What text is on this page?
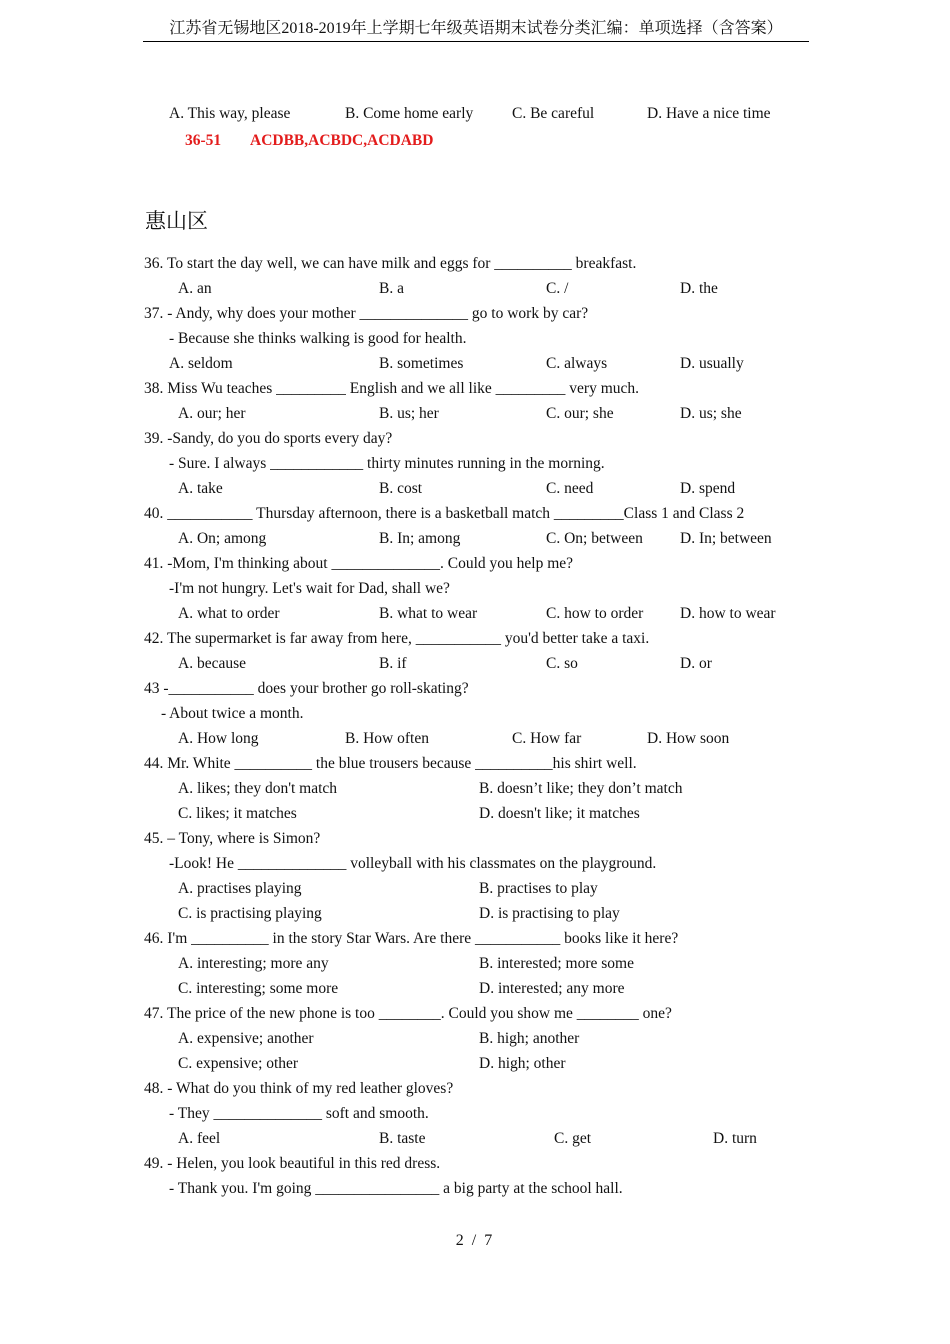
江苏省无锡地区2018-2019年上学期七年级英语期末试卷分类汇编：单项选择（含答案）
A. This way, please	B. Come home early C. Be careful	D. Have a nice time
36-51 ACDBB,ACBDC,ACDABD
惠山区
36. To start the day well, we can have milk and eggs for __________ breakfast.
A. an	B. a	C. /	D. the
37. - Andy, why does your mother ______________ go to work by car?
- Because she thinks walking is good for health.
A. seldom	B. sometimes	C. always	D. usually
38. Miss Wu teaches _________ English and we all like _________ very much.
A. our; her	B. us; her	C. our; she	D. us; she
39. -Sandy, do you do sports every day?
- Sure. I always ____________ thirty minutes running in the morning.
A. take	B. cost	C. need	D. spend
40. ___________ Thursday afternoon, there is a basketball match _________Class 1 and Class 2
A. On; among	B. In; among	C. On; between D. In; between
41. -Mom, I'm thinking about ______________. Could you help me?
-I'm not hungry. Let's wait for Dad, shall we?
A. what to order	B. what to wear	C. how to order D. how to wear
42. The supermarket is far away from here, ___________ you'd better take a taxi.
A. because	B. if	C. so	D. or
43 -___________ does your brother go roll-skating?
- About twice a month.
A. How long	B. How often	C. How far	D. How soon
44. Mr. White __________ the blue trousers because __________his shirt well.
A. likes; they don't match	B. doesn’t like; they don’t match
C. likes; it matches	D. doesn't like; it matches
45. – Tony, where is Simon?
-Look! He ______________ volleyball with his classmates on the playground.
A. practises playing	B. practises to play
C. is practising playing	D. is practising to play
46. I'm __________ in the story Star Wars. Are there ___________ books like it here?
A. interesting; more any	B. interested; more some
C. interesting; some more	D. interested; any more
47. The price of the new phone is too ________. Could you show me ________ one?
A. expensive; another	B. high; another
C. expensive; other	D. high; other
48. - What do you think of my red leather gloves?
- They ______________ soft and smooth.
A. feel	B. taste	C. get	D. turn
49. - Helen, you look beautiful in this red dress.
- Thank you. I'm going ________________ a big party at the school hall.
2 / 7
